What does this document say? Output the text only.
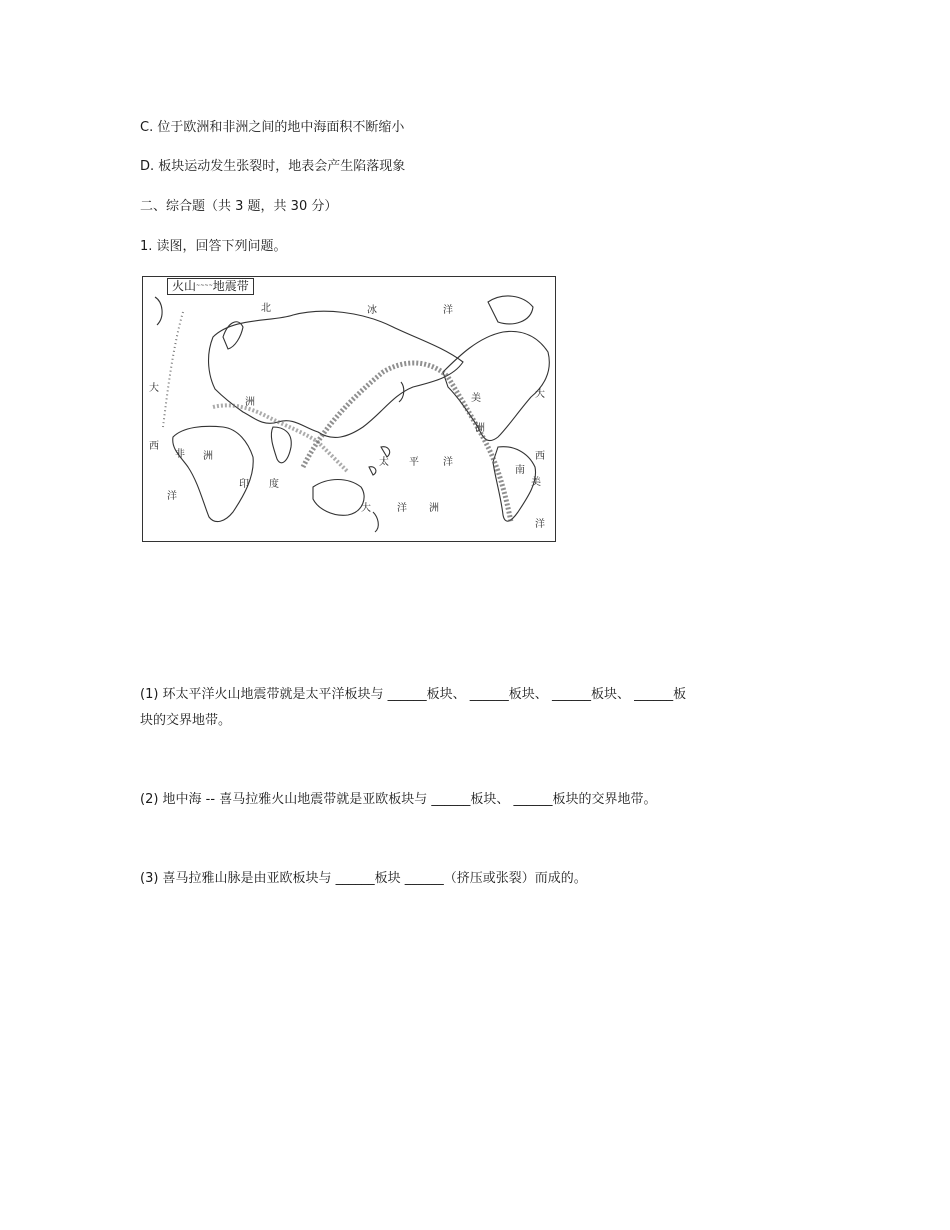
C. 位于欧洲和非洲之间的地中海面积不断缩小
D. 板块运动发生张裂时，地表会产生陷落现象
二、综合题（共 3 题，共 30 分）
1. 读图，回答下列问题。
火山~~~~地震带
北	冰	洋
大
西
洲
非 洲
洋
印 度
太 平 洋
大	洋 洲
美
洲
南
美
西
大
洋
(1) 环太平洋火山地震带就是太平洋板块与 ______板块、 ______板块、 ______板块、 ______板
块的交界地带。
(2) 地中海 -- 喜马拉雅火山地震带就是亚欧板块与 ______板块、 ______板块的交界地带。
(3) 喜马拉雅山脉是由亚欧板块与 ______板块 ______（挤压或张裂）而成的。
